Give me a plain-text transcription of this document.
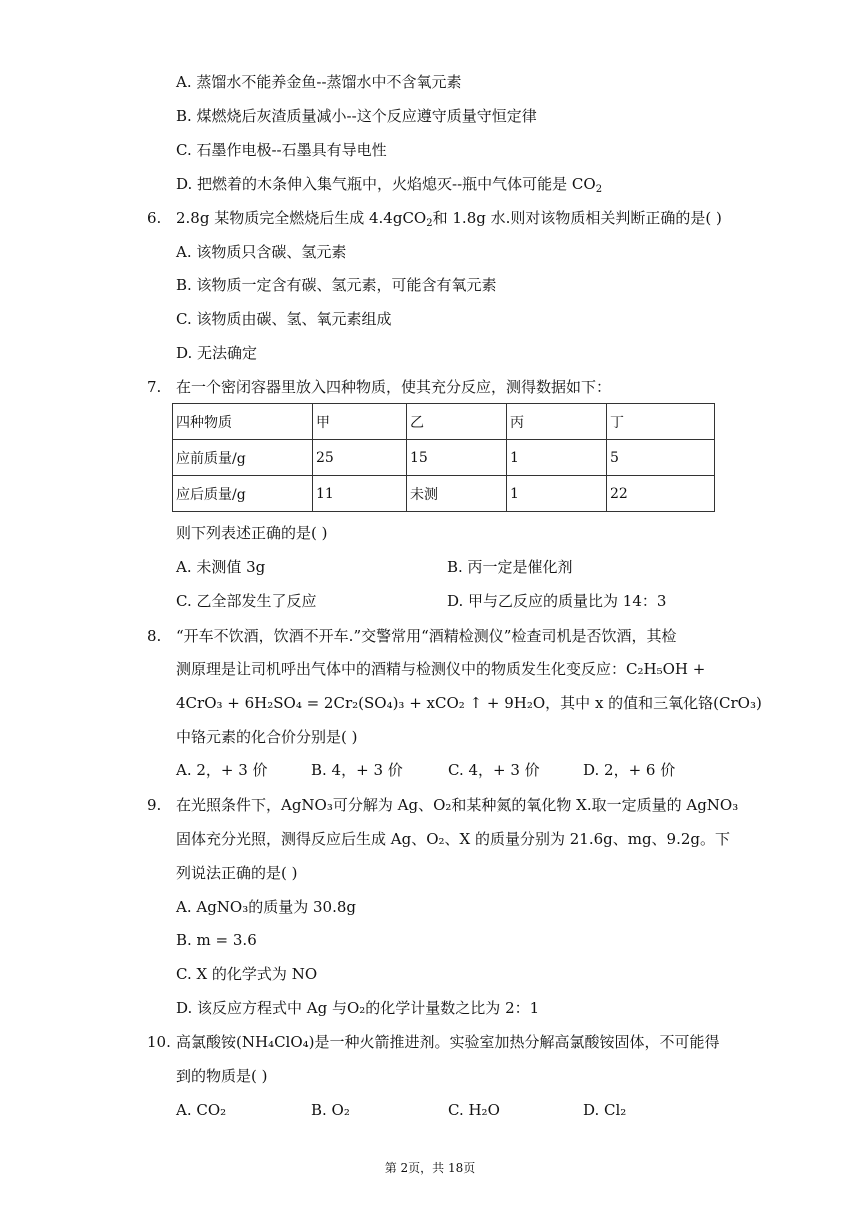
A. 蒸馏水不能养金鱼--蒸馏水中不含氧元素
B. 煤燃烧后灰渣质量减小--这个反应遵守质量守恒定律
C. 石墨作电极--石墨具有导电性
D. 把燃着的木条伸入集气瓶中，火焰熄灭--瓶中气体可能是 $CO_2$
6. 2.8g 某物质完全燃烧后生成 4.4gCO$_2$和 1.8g 水.则对该物质相关判断正确的是( )
A. 该物质只含碳、氢元素
B. 该物质一定含有碳、氢元素，可能含有氧元素
C. 该物质由碳、氢、氧元素组成
D. 无法确定
7. 在一个密闭容器里放入四种物质，使其充分反应，测得数据如下：
四种物质	甲	乙	丙	丁
应前质量/g	25	15	1	5
应后质量/g	11	未测	1	22
则下列表述正确的是( )
A. 未测值 3g	B. 丙一定是催化剂
C. 乙全部发生了反应	D. 甲与乙反应的质量比为 14：3
8. “开车不饮酒，饮酒不开车.”交警常用“酒精检测仪”检查司机是否饮酒，其检
测原理是让司机呼出气体中的酒精与检测仪中的物质发生化变反应：C₂H₅OH +
4CrO₃ + 6H₂SO₄ = 2Cr₂(SO₄)₃ + xCO₂ ↑ + 9H₂O，其中 x 的值和三氧化铬(CrO₃)
中铬元素的化合价分别是( )
A. 2，+ 3 价	B. 4，+ 3 价	C. 4，+ 3 价	D. 2，+ 6 价
9. 在光照条件下，AgNO₃可分解为 Ag、O₂和某种氮的氧化物 X.取一定质量的 AgNO₃
固体充分光照，测得反应后生成 Ag、O₂、X 的质量分别为 21.6g、mg、9.2g。下
列说法正确的是( )
A. AgNO₃的质量为 30.8g
B. m = 3.6
C. X 的化学式为 NO
D. 该反应方程式中 Ag 与O₂的化学计量数之比为 2：1
10. 高氯酸铵(NH₄ClO₄)是一种火箭推进剂。实验室加热分解高氯酸铵固体，不可能得
到的物质是( )
A. CO₂	B. O₂	C. H₂O	D. Cl₂
第 2页，共 18页
